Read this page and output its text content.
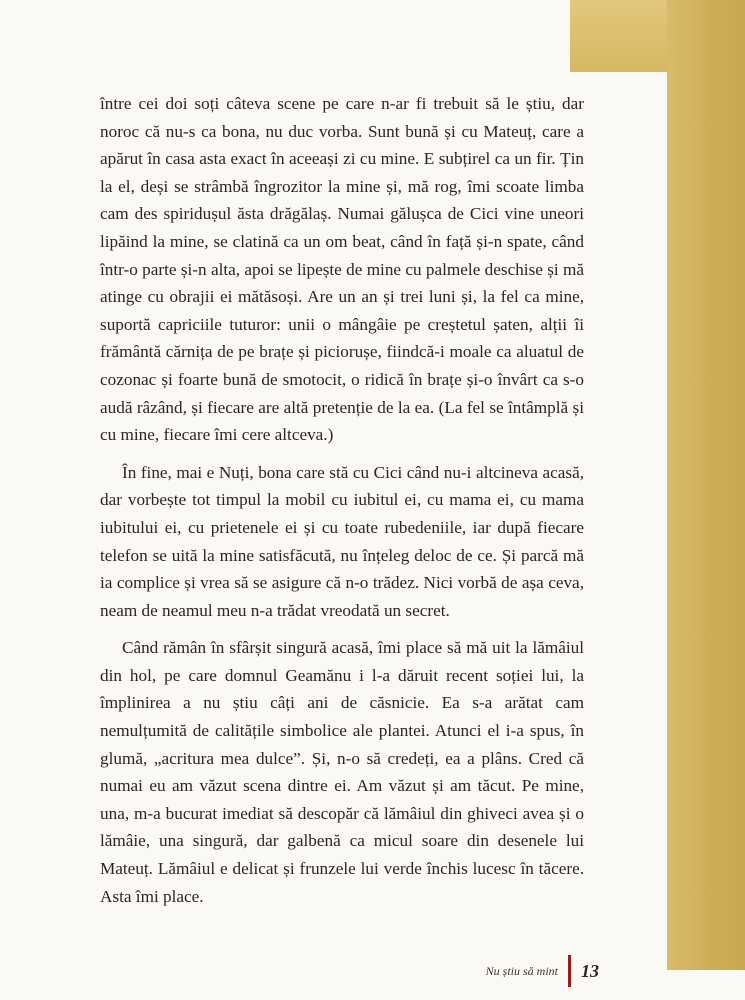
între cei doi soți câteva scene pe care n-ar fi trebuit să le știu, dar noroc că nu-s ca bona, nu duc vorba. Sunt bună și cu Mateuț, care a apărut în casa asta exact în aceeași zi cu mine. E subțirel ca un fir. Țin la el, deși se strâmbă îngrozitor la mine și, mă rog, îmi scoate limba cam des spiridușul ăsta drăgălaș. Numai gălușca de Cici vine uneori lipăind la mine, se clatină ca un om beat, când în față și-n spate, când într-o parte și-n alta, apoi se lipește de mine cu palmele deschise și mă atinge cu obrajii ei mătăsoși. Are un an și trei luni și, la fel ca mine, suportă capriciile tuturor: unii o mângâie pe creștetul șaten, alții îi frământă cărnița de pe brațe și piciorușe, fiindcă-i moale ca aluatul de cozonac și foarte bună de smotocit, o ridică în brațe și-o învârt ca s-o audă râzând, și fiecare are altă pretenție de la ea. (La fel se întâmplă și cu mine, fiecare îmi cere altceva.)

În fine, mai e Nuți, bona care stă cu Cici când nu-i altcineva acasă, dar vorbește tot timpul la mobil cu iubitul ei, cu mama ei, cu mama iubitului ei, cu prietenele ei și cu toate rubedeniile, iar după fiecare telefon se uită la mine satisfăcută, nu înțeleg deloc de ce. Și parcă mă ia complice și vrea să se asigure că n-o trădez. Nici vorbă de așa ceva, neam de neamul meu n-a trădat vreodată un secret.

Când rămân în sfârșit singură acasă, îmi place să mă uit la lămâiul din hol, pe care domnul Geamănu i l-a dăruit recent soției lui, la împlinirea a nu știu câți ani de căsnicie. Ea s-a arătat cam nemulțumită de calitățile simbolice ale plantei. Atunci el i-a spus, în glumă, „acritura mea dulce”. Și, n-o să credeți, ea a plâns. Cred că numai eu am văzut scena dintre ei. Am văzut și am tăcut. Pe mine, una, m-a bucurat imediat să descopăr că lămâiul din ghiveci avea și o lămâie, una singură, dar galbenă ca micul soare din desenele lui Mateuț. Lămâiul e delicat și frunzele lui verde închis lucesc în tăcere. Asta îmi place.

Nu știu să mint 13
